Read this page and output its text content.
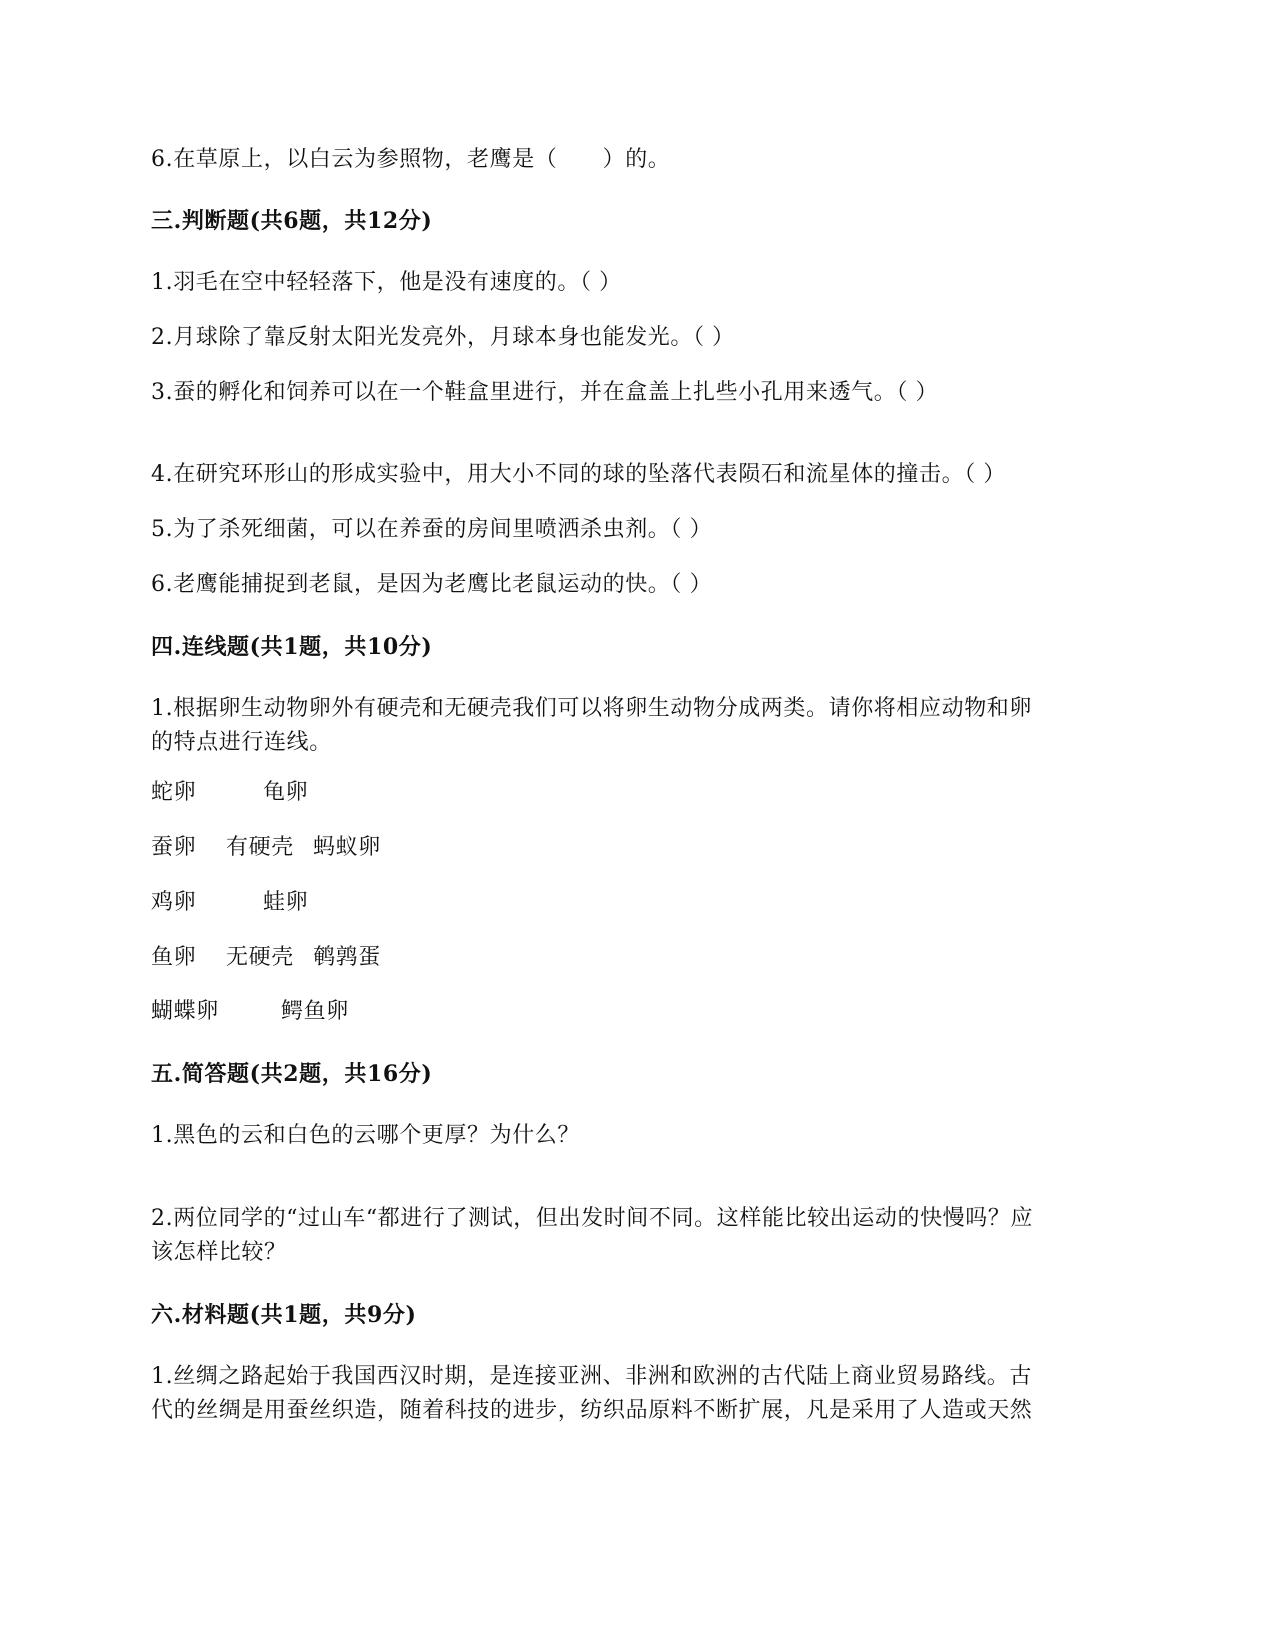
6.在草原上，以白云为参照物，老鹰是（　　）的。
三.判断题(共6题，共12分)
1.羽毛在空中轻轻落下，他是没有速度的。（ ）
2.月球除了靠反射太阳光发亮外，月球本身也能发光。（ ）
3.蚕的孵化和饲养可以在一个鞋盒里进行，并在盒盖上扎些小孔用来透气。（ ）
4.在研究环形山的形成实验中，用大小不同的球的坠落代表陨石和流星体的撞击。（ ）
5.为了杀死细菌，可以在养蚕的房间里喷洒杀虫剂。（ ）
6.老鹰能捕捉到老鼠，是因为老鹰比老鼠运动的快。（ ）
四.连线题(共1题，共10分)
1.根据卵生动物卵外有硬壳和无硬壳我们可以将卵生动物分成两类。请你将相应动物和卵
的特点进行连线。
蛇卵	龟卵
蚕卵 有硬壳 蚂蚁卵
鸡卵	蛙卵
鱼卵 无硬壳 鹌鹑蛋
蝴蝶卵	鳄鱼卵
五.简答题(共2题，共16分)
1.黑色的云和白色的云哪个更厚？为什么？
2.两位同学的“过山车“都进行了测试，但出发时间不同。这样能比较出运动的快慢吗？应
该怎样比较？
六.材料题(共1题，共9分)
1.丝绸之路起始于我国西汉时期，是连接亚洲、非洲和欧洲的古代陆上商业贸易路线。古
代的丝绸是用蚕丝织造，随着科技的进步，纺织品原料不断扩展，凡是采用了人造或天然
